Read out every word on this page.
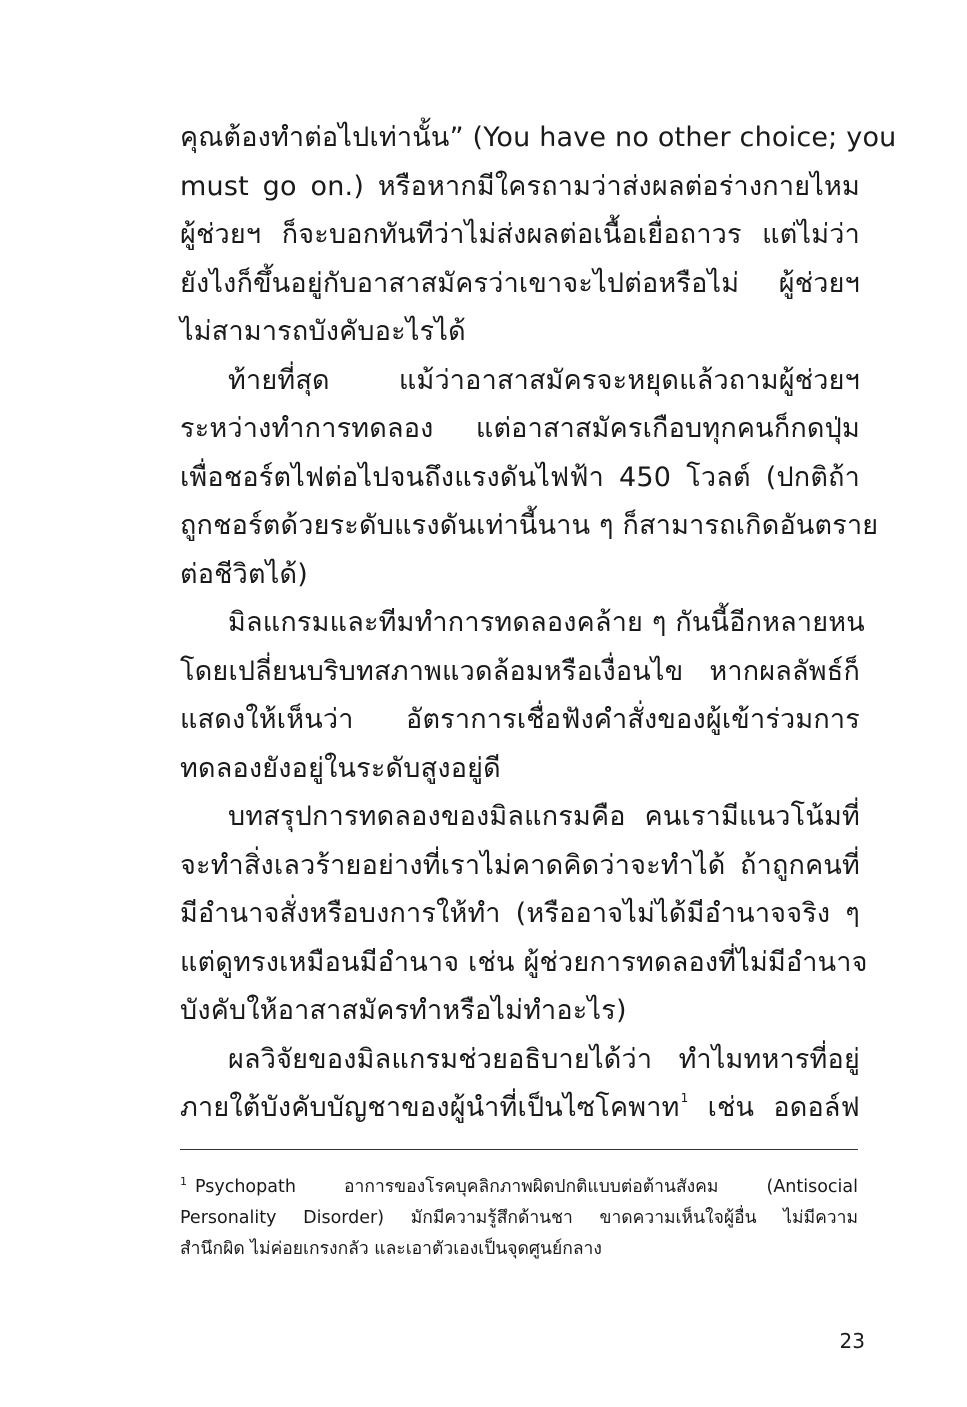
คุณต้องทำต่อไปเท่านั้น” (You have no other choice; you
must go on.) หรือหากมีใครถามว่าส่งผลต่อร่างกายไหม
ผู้ช่วยฯ ก็จะบอกทันทีว่าไม่ส่งผลต่อเนื้อเยื่อถาวร แต่ไม่ว่า
ยังไงก็ขึ้นอยู่กับอาสาสมัครว่าเขาจะไปต่อหรือไม่ ผู้ช่วยฯ
ไม่สามารถบังคับอะไรได้
ท้ายที่สุด แม้ว่าอาสาสมัครจะหยุดแล้วถามผู้ช่วยฯ
ระหว่างทำการทดลอง แต่อาสาสมัครเกือบทุกคนก็กดปุ่ม
เพื่อชอร์ตไฟต่อไปจนถึงแรงดันไฟฟ้า 450 โวลต์ (ปกติถ้า
ถูกชอร์ตด้วยระดับแรงดันเท่านี้นาน ๆ ก็สามารถเกิดอันตราย
ต่อชีวิตได้)
มิลแกรมและทีมทำการทดลองคล้าย ๆ กันนี้อีกหลายหน
โดยเปลี่ยนบริบทสภาพแวดล้อมหรือเงื่อนไข หากผลลัพธ์ก็
แสดงให้เห็นว่า อัตราการเชื่อฟังคำสั่งของผู้เข้าร่วมการ
ทดลองยังอยู่ในระดับสูงอยู่ดี
บทสรุปการทดลองของมิลแกรมคือ คนเรามีแนวโน้มที่
จะทำสิ่งเลวร้ายอย่างที่เราไม่คาดคิดว่าจะทำได้ ถ้าถูกคนที่
มีอำนาจสั่งหรือบงการให้ทำ (หรืออาจไม่ได้มีอำนาจจริง ๆ
แต่ดูทรงเหมือนมีอำนาจ เช่น ผู้ช่วยการทดลองที่ไม่มีอำนาจ
บังคับให้อาสาสมัครทำหรือไม่ทำอะไร)
ผลวิจัยของมิลแกรมช่วยอธิบายได้ว่า ทำไมทหารที่อยู่
ภายใต้บังคับบัญชาของผู้นำที่เป็นไซโคพาท$^1$ เช่น อดอล์ฟ
$^1$ Psychopath อาการของโรคบุคลิกภาพผิดปกติแบบต่อต้านสังคม (Antisocial
Personality Disorder) มักมีความรู้สึกด้านชา ขาดความเห็นใจผู้อื่น ไม่มีความ
สำนึกผิด ไม่ค่อยเกรงกลัว และเอาตัวเองเป็นจุดศูนย์กลาง
23
